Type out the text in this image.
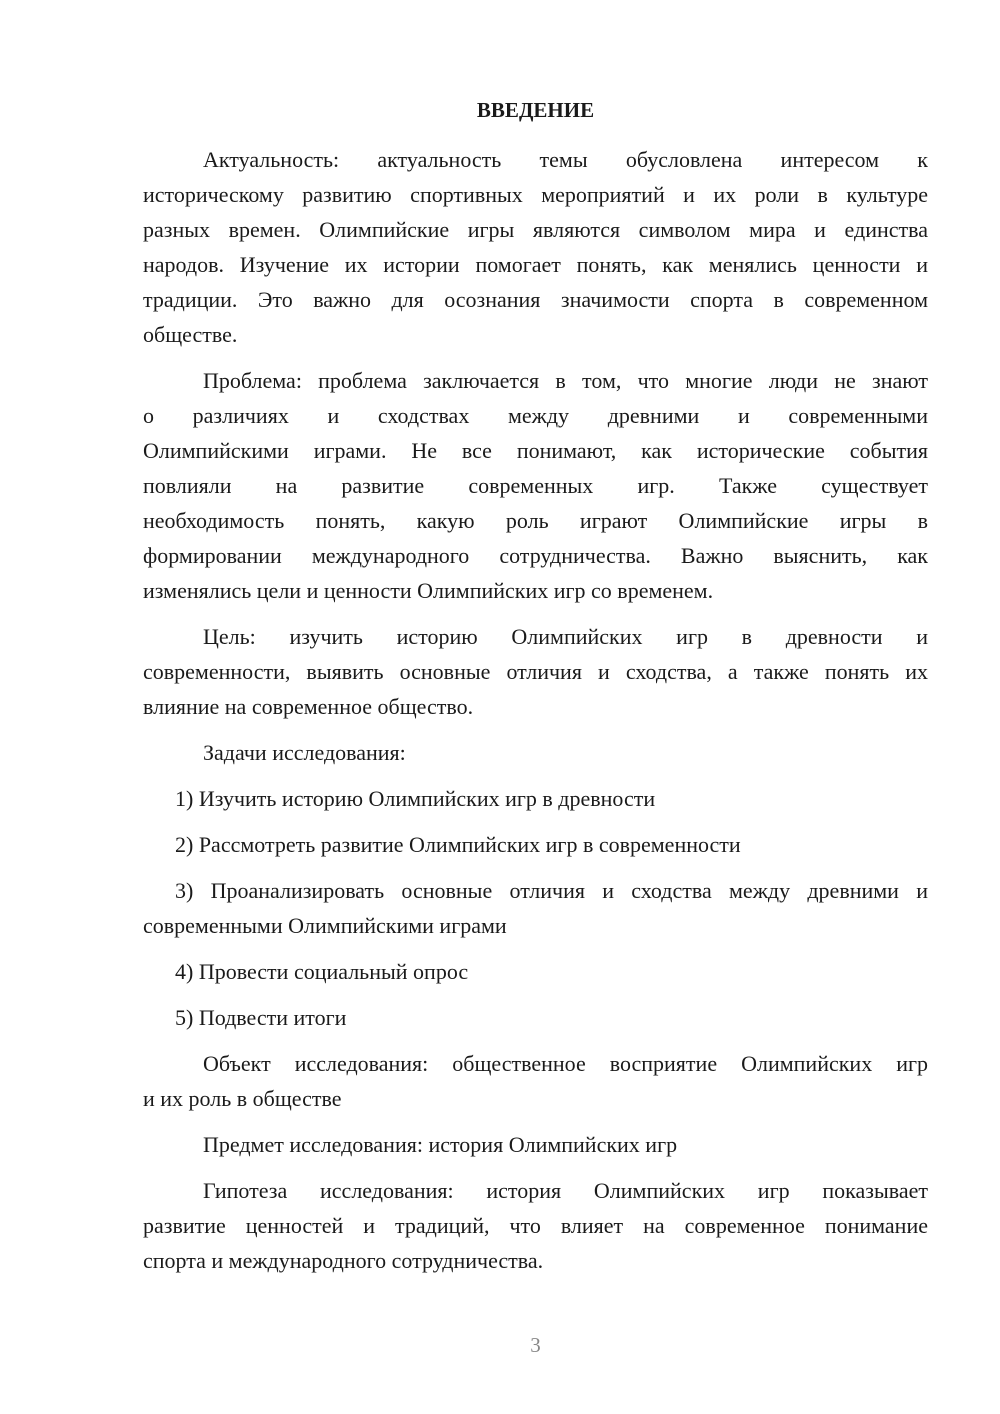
ВВЕДЕНИЕ
Актуальность: актуальность темы обусловлена интересом к
историческому развитию спортивных мероприятий и их роли в культуре
разных времен. Олимпийские игры являются символом мира и единства
народов. Изучение их истории помогает понять, как менялись ценности и
традиции. Это важно для осознания значимости спорта в современном
обществе.
Проблема: проблема заключается в том, что многие люди не знают
о различиях и сходствах между древними и современными
Олимпийскими играми. Не все понимают, как исторические события
повлияли на развитие современных игр. Также существует
необходимость понять, какую роль играют Олимпийские игры в
формировании международного сотрудничества. Важно выяснить, как
изменялись цели и ценности Олимпийских игр со временем.
Цель: изучить историю Олимпийских игр в древности и
современности, выявить основные отличия и сходства, а также понять их
влияние на современное общество.
Задачи исследования:
1) Изучить историю Олимпийских игр в древности
2) Рассмотреть развитие Олимпийских игр в современности
3) Проанализировать основные отличия и сходства между древними и
современными Олимпийскими играми
4) Провести социальный опрос
5) Подвести итоги
Объект исследования: общественное восприятие Олимпийских игр
и их роль в обществе
Предмет исследования: история Олимпийских игр
Гипотеза исследования: история Олимпийских игр показывает
развитие ценностей и традиций, что влияет на современное понимание
спорта и международного сотрудничества.
3
